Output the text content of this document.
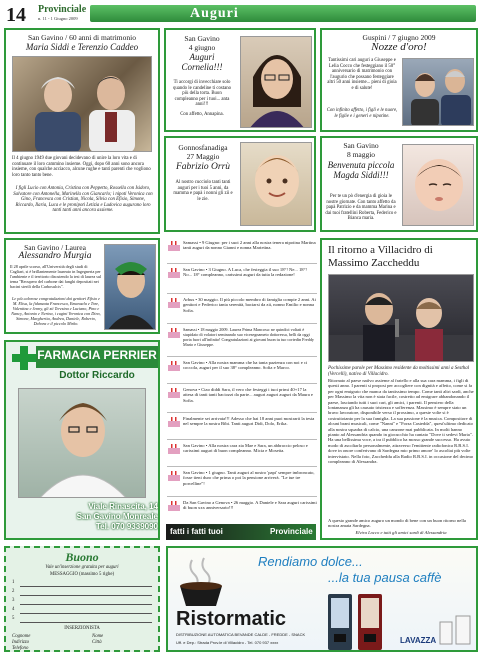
14 Provinciale
n. 11 - 1 Giugno 2009	Auguri
San Gavino / 60 anni di matrimonio
Maria Siddi e Terenzio Caddeo
Il 4 giugno 1949 due giovani decidevano di unire la loro vita e di continuare il loro cammino insieme. Oggi, dopo 60 anni sono ancora insieme, con qualche acciacco, alcune rughe e tanti parenti che vogliono loro tanto tanto bene.
I figli Lucio con Antonia, Cristina con Peppetto, Rossella con Isidoro, Salvatore con Antonella, Marinella con Giancarlo; i nipoti Veronica con Gino, Francesca con Cristian, Nicola, Silvia con Efisio, Simone, Riccardo, Ilaria, Luca e le pronipoti Letizia e Ludovica augurano loro tanti tanti anni ancora assieme.
San Gavino
4 giugno
Auguri Cornelia!!!
Ti accorgi di invecchiare solo quando le candeline ti costano più della torta. Buon compleanno per i tuoi... anta anni!!!
Con affetto, Annapina.
Guspini / 7 giugno 2009
Nozze d'oro!
Tantissimi cari auguri a Giuseppe e Lelia Cocco che festeggiano il 50° anniversario di matrimonio con l'augurio che possano festeggiare altri 50 anni insieme... pieni di gioia e di salute!
Con infinito affetto, i figli e le nuore, le figlie e i generi e nipotine.
Gonnosfanadiga
27 Maggio
Fabrizio Orrù
Al nostro cucciolo tanti tanti auguri per i tuoi 5 anni, da mamma e papà i nonni gli zii e le zie.
San Gavino
8 maggio
Benvenuta piccola Magda Siddi!!!
Per te un pò d'energia di gioia le nostre giornate. Con tanto affetto da papà Patrizio e da mamma Marina e dai tuoi fratellini Roberta, Federico e Bianca maria.
San Gavino / Laurea
Alessandro Murgia
Il 28 aprile scorso, all'Università degli studi di Cagliari, si è brillantemente laureato in Ingegneria per l'ambiente e il territorio discutendo la tesi di laurea sul tema "Recupero del carbone dai fanghi depositati nei bacini sterili della Carbosulcis".
Le più calorose congratulazioni dai genitori Efisio e M. Elisa, la fidanzata Francesca, Emanuela e Tore, Valentina e Jenny, gli zii Teresina e Luciano, Pino e Nancy, Antonio e Nerina, i cugini Veronica con Dino, Simone, Margherita, Andrea, Daniele, Roberto, Debora e il piccolo Mirko.
FARMACIA PERRIER
Dottor Riccardo
Viale Rinascita, 14
San Gavino Monreale
Tel. 070 9339090

Samassi • 9 Giugno: per i suoi 2 anni alla nostra tenera nipotina Martina tanti auguri da nonno Gianni e nonna Marietina.

San Gavino • 3 Giugno. A Luca, che festeggia il suo 18°! Ne... 18°! No... 18° compleanno, carissimi auguri da tutta la redazione!

Arbus • 30 maggio. Il più piccolo membro di famiglia compie 2 anni. Ai genitori e Federico tanta serenità, baciarsi da zii, nonno Emilio e nonna Sofia.

Samassi • 18 maggio 2009. Laurea Prima Mancosu: ne quindici voltati è stupidaio di volatori seminando suo vicesegnameto dottoressa, belli da oggi porta fuori all'infinito! Congratulazioni ai giovani buon tu tuo cortedin Freddy Mario e Giuseppe.

San Gavino • Alla nostra mamma che ha tanta pazienza con noi e ci coccola, auguri per il suo 38° compleanno. Sofia e Marco.

Genova • Ciao diddi Sara, il vero che festeggi i tuoi primi 40+17 la attesa di tanti tanti baciozzi da parte... auguri auguri auguri da Maura e Sofia.

Finalmente sei arrivata!!! Adesso che hai 18 anni puoi mostrarti la testa nel sempre la nostra Bibi. Tanti auguri Didi, Dolo, Erika.

San Gavino • Alla nostra cara zia Mae e Sara, un abbraccio peloso e carissimi auguri di buon compleanno. Micia e Mosetta.

San Gavino • 1 giugno. Tanti auguri al nostro 'papi' sempre imbroncato, fosse tieni duro che prima o poi la pensione arriverà. "Le tue tre porcelline"!

Da San Gavino a Genova • 26 maggio. A Daniele e Sara auguri carissimi di buon xxx anniversario!!!

fatti i fatti tuoi	Provinciale
Il ritorno a Villacidro di Massimo Zaccheddu
Pochissime parole per Massimo residente da moltissimi anni a Sesthal (Vercelli), nativo di Villacidro.
Ritornato al paese natìvo assieme al fratello e alla sua cara mamma, i figli di questi anno. I parenti si proposi per accogliere con dignità e affetto, come si fa per ogni emigrato che manca da tantissimo tempo. Come tanti altri sardi, anche per Massimo la vita non è stata facile, costretto ad emigrare abbandonando il paese, lasciando tutti i suoi cari, gli amici, i parenti. Il pensiero della lontananza gli ha causato tristezza e sofferenza. Massimo è sempre stato un bravo lavoratore, disponibile verso il prossimo, a queste volte si è costruitotanto per la sua famiglia. La sua passione è la musica. Compositore di alcuni brani musicali, come "Nanni" e "Forza Castedda", quest'ultimo dedicato alla nostra squadra di calcio, una canzone mai pubblicata. In molti hanno pianto ad Alessandria quando in giocucchio ha cantato "Dove ti sedevi Maria". Ha una bellissima voce, a tra il pubblico ha mosso grande successo. Ha avuto modo di ascoltarlo personalmente, attraverso l'emittente radiofonica R.B.S.I. dove in onore conferivano di Sardegna mio primo amore' lo ascoltai più volte intervistato. Nella foto, Zaccheddu alla Radio R.B.S.I. in occasione del decimo compleanno di Alessandra.
A questo grande amico auguro un mondo di bene con un buon ritorno nella nostra amata Sardegna.
Elvira Locco e tutti gli amici sardi di Alessandria
Buono
Vale un'inserzione gratuita per auguri
MESSAGGIO (massimo 5 righe)
1
2
3
4
5
INSERZIONISTA
Cognome
Indirizzo
Telefono
Nome
Città
Rendiamo dolce...
...la tua pausa caffè
Ristormatic
DISTRIBUZIONE AUTOMATICA BEVANDE CALDE - FREDDE - SNACK
Uff. e Dep.: Strada Prov.le di Villacidro - Tel. 070 937 xxxx	LAVAZZA
